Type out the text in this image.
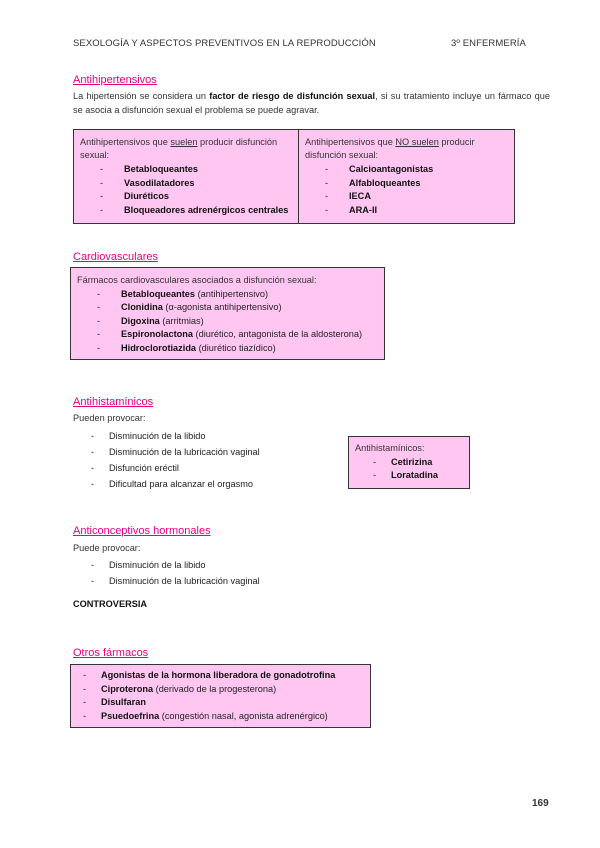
SEXOLOGÍA Y ASPECTOS PREVENTIVOS EN LA REPRODUCCIÓN	3º ENFERMERÍA
Antihipertensivos
La hipertensión se considera un factor de riesgo de disfunción sexual, si su tratamiento incluye un fármaco que se asocia a disfunción sexual el problema se puede agravar.
Antihipertensivos que suelen producir disfunción sexual:
- Betabloqueantes
- Vasodilatadores
- Diuréticos
- Bloqueadores adrenérgicos centrales
Antihipertensivos que NO suelen producir disfunción sexual:
- Calcioantagonistas
- Alfabloqueantes
- IECA
- ARA-II
Cardiovasculares
Fármacos cardiovasculares asociados a disfunción sexual:
- Betabloqueantes (antihipertensivo)
- Clonidina (α-agonista antihipertensivo)
- Digoxina (arritmias)
- Espironolactona (diurético, antagonista de la aldosterona)
- Hidroclorotiazida (diurético tiazídico)
Antihistamínicos
Pueden provocar:
- Disminución de la libido
- Disminución de la lubricación vaginal
- Disfunción eréctil
- Dificultad para alcanzar el orgasmo
Antihistamínicos:
- Cetirizina
- Loratadina
Anticonceptivos hormonales
Puede provocar:
- Disminución de la libido
- Disminución de la lubricación vaginal
CONTROVERSIA
Otros fármacos
- Agonistas de la hormona liberadora de gonadotrofina
- Ciproterona (derivado de la progesterona)
- Disulfaran
- Psuedoefrina (congestión nasal, agonista adrenérgico)
169
